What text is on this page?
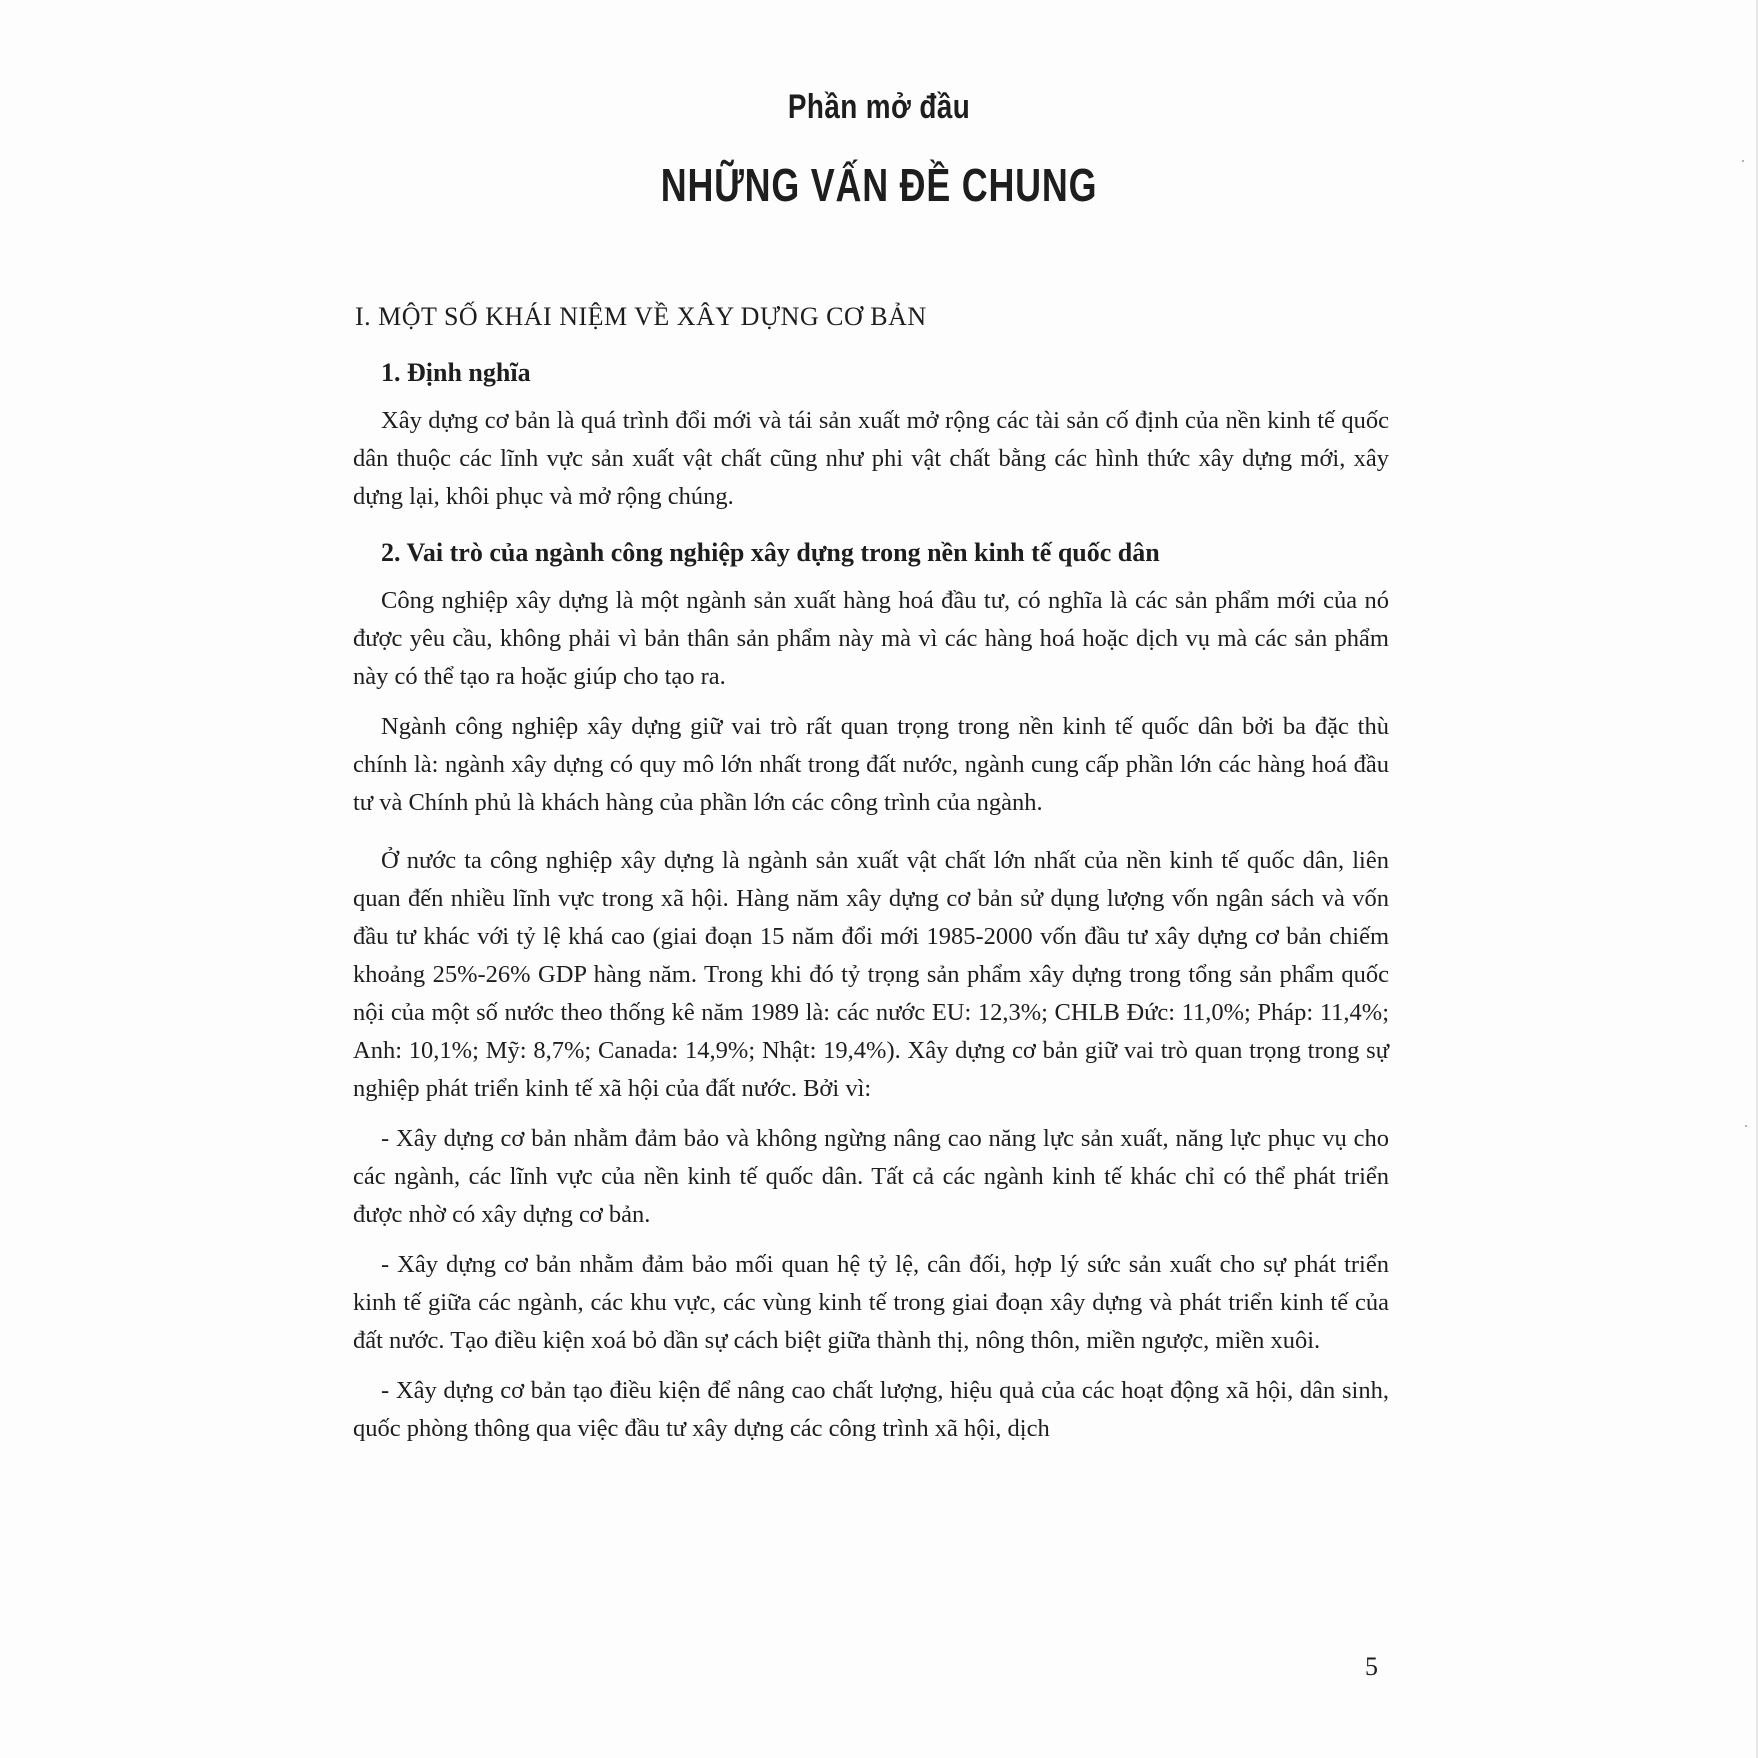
Phần mở đầu
NHỮNG VẤN ĐỀ CHUNG
I. MỘT SỐ KHÁI NIỆM VỀ XÂY DỰNG CƠ BẢN
1. Định nghĩa

Xây dựng cơ bản là quá trình đổi mới và tái sản xuất mở rộng các tài sản cố định của nền kinh tế quốc dân thuộc các lĩnh vực sản xuất vật chất cũng như phi vật chất bằng các hình thức xây dựng mới, xây dựng lại, khôi phục và mở rộng chúng.

2. Vai trò của ngành công nghiệp xây dựng trong nền kinh tế quốc dân

Công nghiệp xây dựng là một ngành sản xuất hàng hoá đầu tư, có nghĩa là các sản phẩm mới của nó được yêu cầu, không phải vì bản thân sản phẩm này mà vì các hàng hoá hoặc dịch vụ mà các sản phẩm này có thể tạo ra hoặc giúp cho tạo ra.

Ngành công nghiệp xây dựng giữ vai trò rất quan trọng trong nền kinh tế quốc dân bởi ba đặc thù chính là: ngành xây dựng có quy mô lớn nhất trong đất nước, ngành cung cấp phần lớn các hàng hoá đầu tư và Chính phủ là khách hàng của phần lớn các công trình của ngành.

Ở nước ta công nghiệp xây dựng là ngành sản xuất vật chất lớn nhất của nền kinh tế quốc dân, liên quan đến nhiều lĩnh vực trong xã hội. Hàng năm xây dựng cơ bản sử dụng lượng vốn ngân sách và vốn đầu tư khác với tỷ lệ khá cao (giai đoạn 15 năm đổi mới 1985-2000 vốn đầu tư xây dựng cơ bản chiếm khoảng 25%-26% GDP hàng năm. Trong khi đó tỷ trọng sản phẩm xây dựng trong tổng sản phẩm quốc nội của một số nước theo thống kê năm 1989 là: các nước EU: 12,3%; CHLB Đức: 11,0%; Pháp: 11,4%; Anh: 10,1%; Mỹ: 8,7%; Canada: 14,9%; Nhật: 19,4%). Xây dựng cơ bản giữ vai trò quan trọng trong sự nghiệp phát triển kinh tế xã hội của đất nước. Bởi vì:

- Xây dựng cơ bản nhằm đảm bảo và không ngừng nâng cao năng lực sản xuất, năng lực phục vụ cho các ngành, các lĩnh vực của nền kinh tế quốc dân. Tất cả các ngành kinh tế khác chỉ có thể phát triển được nhờ có xây dựng cơ bản.

- Xây dựng cơ bản nhằm đảm bảo mối quan hệ tỷ lệ, cân đối, hợp lý sức sản xuất cho sự phát triển kinh tế giữa các ngành, các khu vực, các vùng kinh tế trong giai đoạn xây dựng và phát triển kinh tế của đất nước. Tạo điều kiện xoá bỏ dần sự cách biệt giữa thành thị, nông thôn, miền ngược, miền xuôi.

- Xây dựng cơ bản tạo điều kiện để nâng cao chất lượng, hiệu quả của các hoạt động xã hội, dân sinh, quốc phòng thông qua việc đầu tư xây dựng các công trình xã hội, dịch

5
